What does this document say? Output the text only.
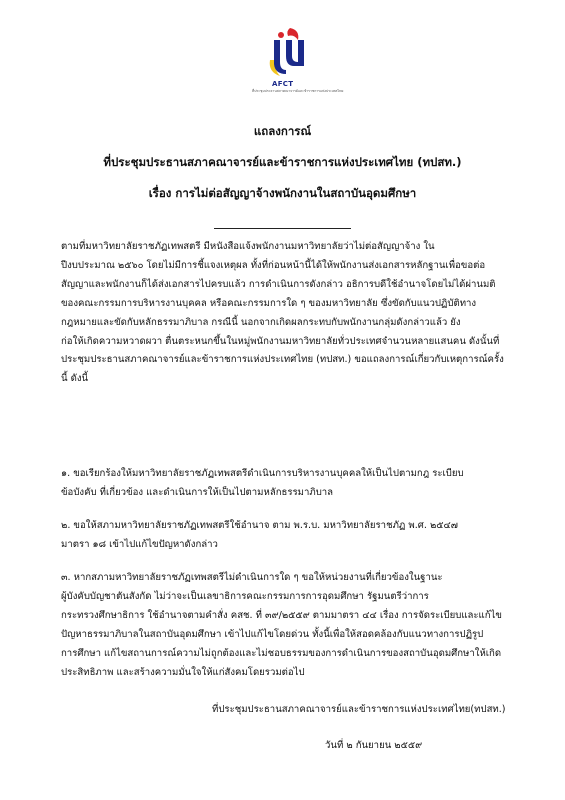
AFCT
ที่ประชุมประธานสภาคณาจารย์และข้าราชการแห่งประเทศไทย
แถลงการณ์
ที่ประชุมประธานสภาคณาจารย์และข้าราชการแห่งประเทศไทย (ทปสท.)
เรื่อง การไม่ต่อสัญญาจ้างพนักงานในสถาบันอุดมศึกษา

ตามที่มหาวิทยาลัยราชภัฏเทพสตรี มีหนังสือแจ้งพนักงานมหาวิทยาลัยว่าไม่ต่อสัญญาจ้าง ใน
ปีงบประมาณ ๒๕๖๐ โดยไม่มีการชี้แจงเหตุผล ทั้งที่ก่อนหน้านี้ได้ให้พนักงานส่งเอกสารหลักฐานเพื่อขอต่อ
สัญญาและพนักงานก็ได้ส่งเอกสารไปครบแล้ว การดำเนินการดังกล่าว อธิการบดีใช้อำนาจโดยไม่ได้ผ่านมติ
ของคณะกรรมการบริหารงานบุคคล หรือคณะกรรมการใด ๆ ของมหาวิทยาลัย ซึ่งขัดกับแนวปฏิบัติทาง
กฎหมายและขัดกับหลักธรรมาภิบาล กรณีนี้ นอกจากเกิดผลกระทบกับพนักงานกลุ่มดังกล่าวแล้ว ยัง
ก่อให้เกิดความหวาดผวา ตื่นตระหนกขึ้นในหมู่พนักงานมหาวิทยาลัยทั่วประเทศจำนวนหลายแสนคน ดังนั้นที่
ประชุมประธานสภาคณาจารย์และข้าราชการแห่งประเทศไทย (ทปสท.) ขอแถลงการณ์เกี่ยวกับเหตุการณ์ครั้ง
นี้ ดังนี้

๑. ขอเรียกร้องให้มหาวิทยาลัยราชภัฏเทพสตรีดำเนินการบริหารงานบุคคลให้เป็นไปตามกฎ ระเบียบ
ข้อบังคับ ที่เกี่ยวข้อง และดำเนินการให้เป็นไปตามหลักธรรมาภิบาล

๒. ขอให้สภามหาวิทยาลัยราชภัฏเทพสตรีใช้อำนาจ ตาม พ.ร.บ. มหาวิทยาลัยราชภัฏ พ.ศ. ๒๕๔๗
มาตรา ๑๘ เข้าไปแก้ไขปัญหาดังกล่าว

๓. หากสภามหาวิทยาลัยราชภัฏเทพสตรีไม่ดำเนินการใด ๆ ขอให้หน่วยงานที่เกี่ยวข้องในฐานะ
ผู้บังคับบัญชาตันสังกัด ไม่ว่าจะเป็นเลขาธิการคณะกรรมการการอุดมศึกษา รัฐมนตรีว่าการ
กระทรวงศึกษาธิการ ใช้อำนาจตามคำสั่ง คสช. ที่ ๓๙/๒๕๕๙ ตามมาตรา ๔๔ เรื่อง การจัดระเบียบและแก้ไข
ปัญหาธรรมาภิบาลในสถาบันอุดมศึกษา เข้าไปแก้ไขโดยด่วน ทั้งนี้เพื่อให้สอดคล้องกับแนวทางการปฏิรูป
การศึกษา แก้ไขสถานการณ์ความไม่ถูกต้องและไม่ชอบธรรมของการดำเนินการของสถาบันอุดมศึกษาให้เกิด
ประสิทธิภาพ และสร้างความมั่นใจให้แก่สังคมโดยรวมต่อไป

ที่ประชุมประธานสภาคณาจารย์และข้าราชการแห่งประเทศไทย(ทปสท.)
วันที่ ๒ กันยายน ๒๕๕๙
